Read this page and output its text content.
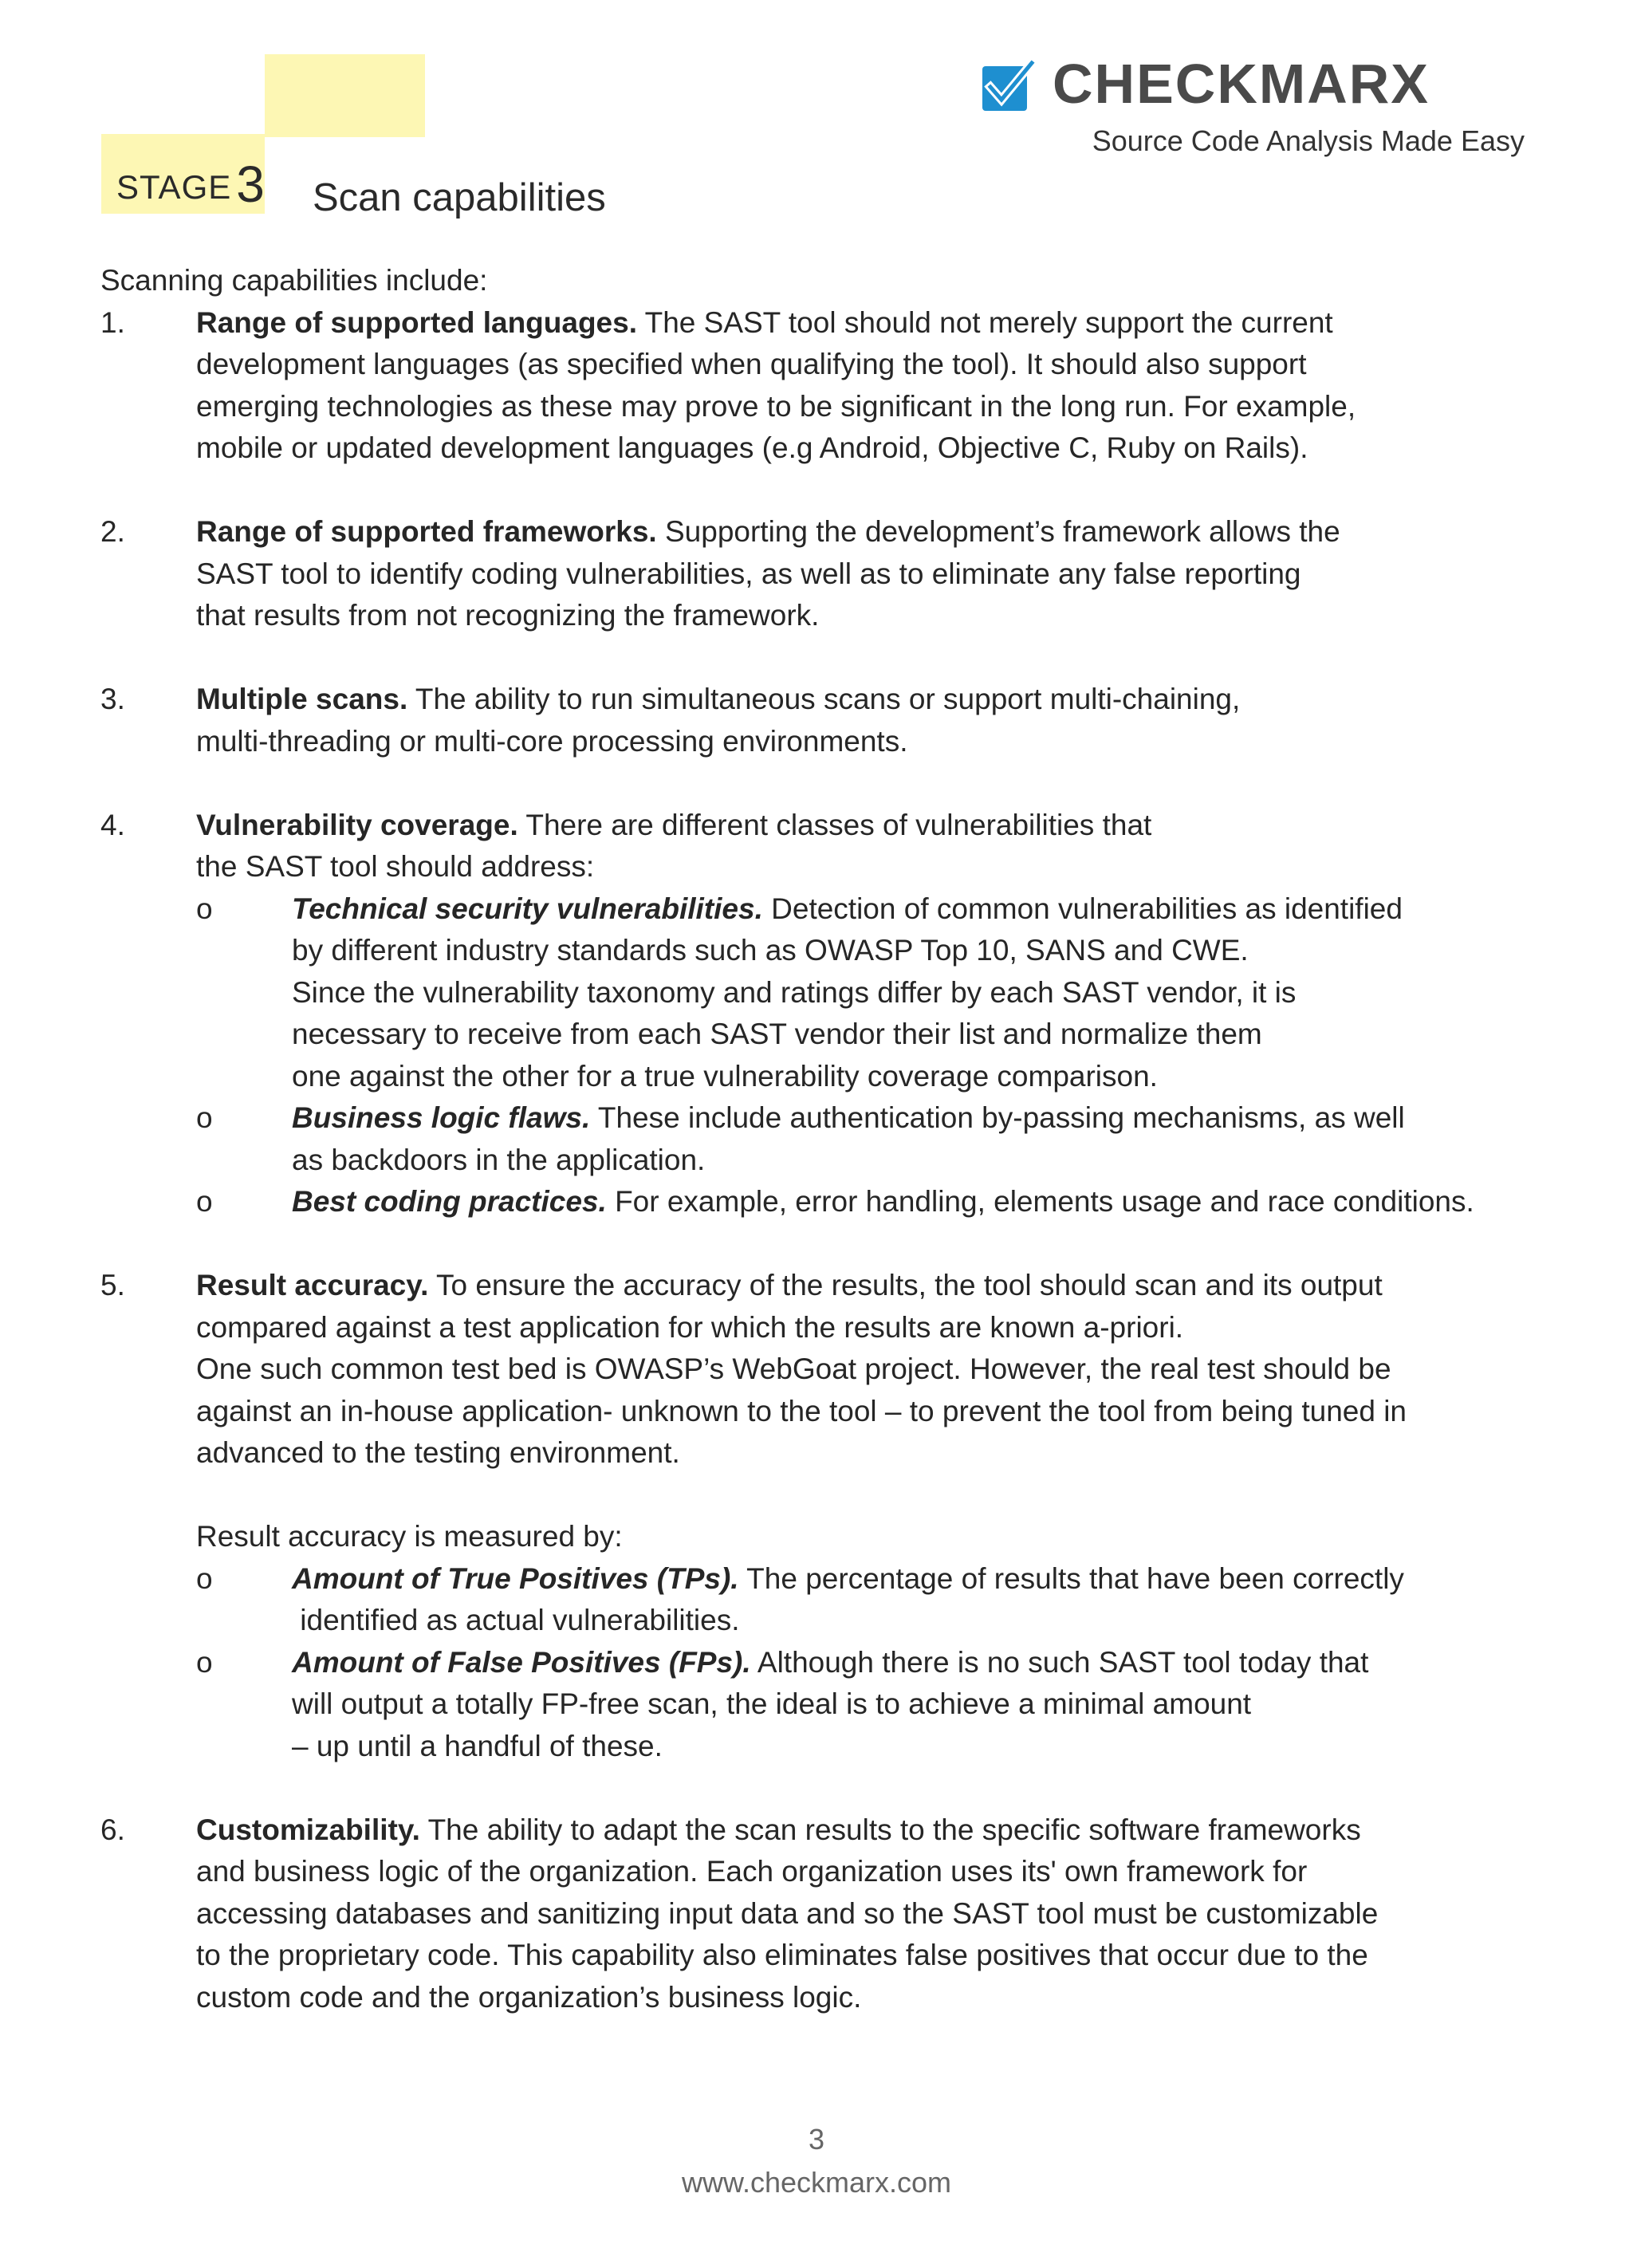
STAGE3 Scan capabilities
CHECKMARX
Source Code Analysis Made Easy

Scanning capabilities include:

1.	Range of supported languages. The SAST tool should not merely support the current

development languages (as specified when qualifying the tool). It should also support

emerging technologies as these may prove to be significant in the long run. For example,

mobile or updated development languages (e.g Android, Objective C, Ruby on Rails).

2.	Range of supported frameworks. Supporting the development’s framework allows the

SAST tool to identify coding vulnerabilities, as well as to eliminate any false reporting

that results from not recognizing the framework.

3.	Multiple scans. The ability to run simultaneous scans or support multi-chaining,

multi-threading or multi-core processing environments.

4.	Vulnerability coverage. There are different classes of vulnerabilities that

the SAST tool should address:

o	Technical security vulnerabilities. Detection of common vulnerabilities as identified

by different industry standards such as OWASP Top 10, SANS and CWE.

Since the vulnerability taxonomy and ratings differ by each SAST vendor, it is

necessary to receive from each SAST vendor their list and normalize them

one against the other for a true vulnerability coverage comparison.

o	Business logic flaws. These include authentication by-passing mechanisms, as well

as backdoors in the application.

o	Best coding practices. For example, error handling, elements usage and race conditions.

5.	Result accuracy. To ensure the accuracy of the results, the tool should scan and its output

compared against a test application for which the results are known a-priori.

One such common test bed is OWASP’s WebGoat project. However, the real test should be

against an in-house application- unknown to the tool – to prevent the tool from being tuned in

advanced to the testing environment.

Result accuracy is measured by:

o	Amount of True Positives (TPs). The percentage of results that have been correctly

identified as actual vulnerabilities.

o	Amount of False Positives (FPs). Although there is no such SAST tool today that

will output a totally FP-free scan, the ideal is to achieve a minimal amount

– up until a handful of these.

6.	Customizability. The ability to adapt the scan results to the specific software frameworks

and business logic of the organization. Each organization uses its' own framework for

accessing databases and sanitizing input data and so the SAST tool must be customizable

to the proprietary code. This capability also eliminates false positives that occur due to the

custom code and the organization’s business logic.

3
www.checkmarx.com
